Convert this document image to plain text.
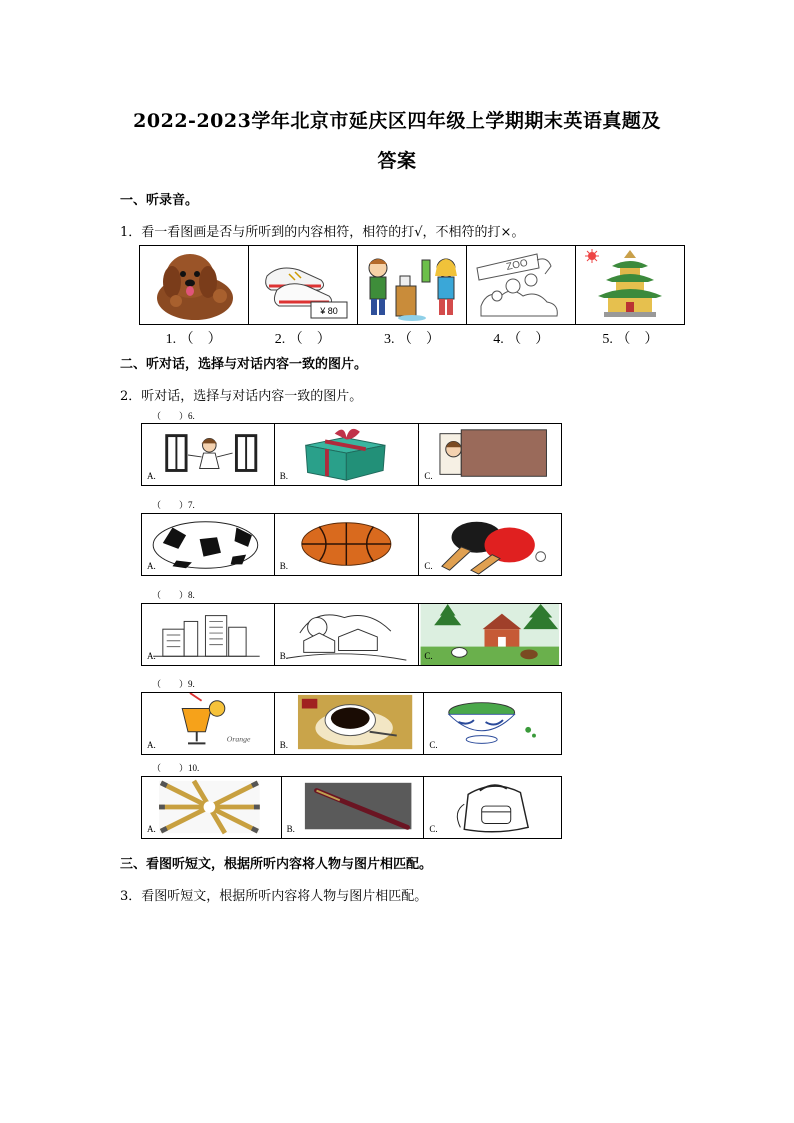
2022-2023学年北京市延庆区四年级上学期期末英语真题及
答案
一、听录音。
1．看一看图画是否与所听到的内容相符，相符的打√，不相符的打×。
¥ 80
ZOO
1. （　）	2. （　）	3. （　）	4. （　）	5. （　）
二、听对话，选择与对话内容一致的图片。
2．听对话，选择与对话内容一致的图片。
（　　）6.
A.	B.	C.
（　　）7.
A.	B.	C.
（　　）8.
A.	B.	C.
（　　）9.
Orange
A.	B.	C.
（　　）10.
A.	B.	C.
三、看图听短文，根据所听内容将人物与图片相匹配。
3．看图听短文，根据所听内容将人物与图片相匹配。
